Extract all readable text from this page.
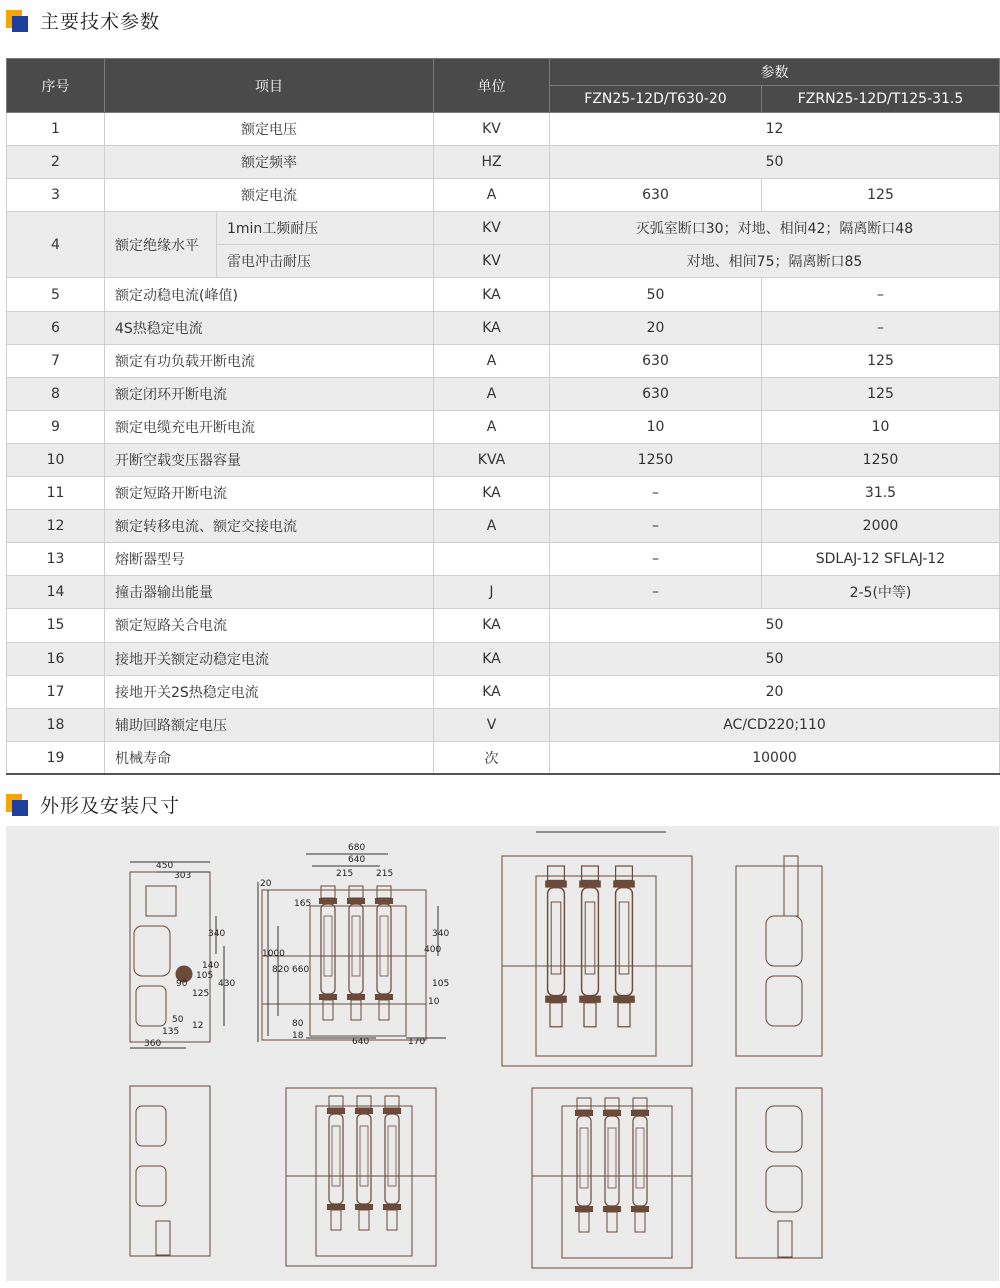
主要技术参数
序号	项目		单位	参数	
				FZN25-12D/T630-20	FZRN25-12D/T125-31.5
1	额定电压		KV	12	
2	额定频率		HZ	50	
3	额定电流		A	630	125
4	额定绝缘水平	1min工频耐压	KV	灭弧室断口30；对地、相间42；隔离断口48	
		雷电冲击耐压	KV	对地、相间75；隔离断口85	
5	额定动稳电流(峰值)		KA	50	–
6	4S热稳定电流		KA	20	–
7	额定有功负载开断电流		A	630	125
8	额定闭环开断电流		A	630	125
9	额定电缆充电开断电流		A	10	10
10	开断空载变压器容量		KVA	1250	1250
11	额定短路开断电流		KA	–	31.5
12	额定转移电流、额定交接电流		A	–	2000
13	熔断器型号			–	SDLAJ-12 SFLAJ-12
14	撞击器输出能量		J	–	2-5(中等)
15	额定短路关合电流		KA	50	
16	接地开关额定动稳定电流		KA	50	
17	接地开关2S热稳定电流		KA	20	
18	辅助回路额定电压		V	AC/CD220;110	
19	机械寿命		次	10000	
外形及安装尺寸
450
303
340
140
105
125
90
50
430
135
12
360
680
640
215	215
20
165
1000
820 660
340
400
105
10
80
18
640	170
